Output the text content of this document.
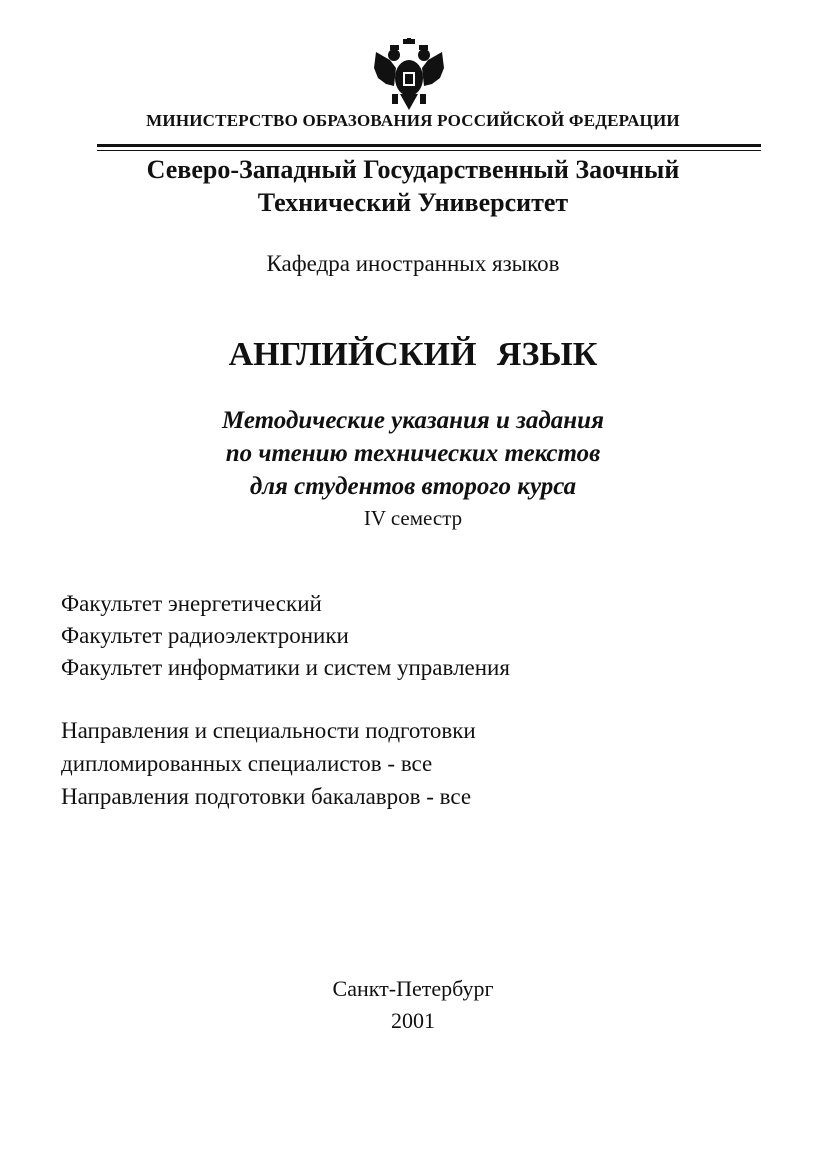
МИНИСТЕРСТВО ОБРАЗОВАНИЯ РОССИЙСКОЙ ФЕДЕРАЦИИ
Северо-Западный Государственный Заочный
Технический Университет
Кафедра иностранных языков
АНГЛИЙСКИЙ ЯЗЫК
Методические указания и задания
по чтению технических текстов
для студентов второго курса
IV семестр
Факультет энергетический
Факультет радиоэлектроники
Факультет информатики и систем управления
Направления и специальности подготовки
дипломированных специалистов - все
Направления подготовки бакалавров - все
Санкт-Петербург
2001
